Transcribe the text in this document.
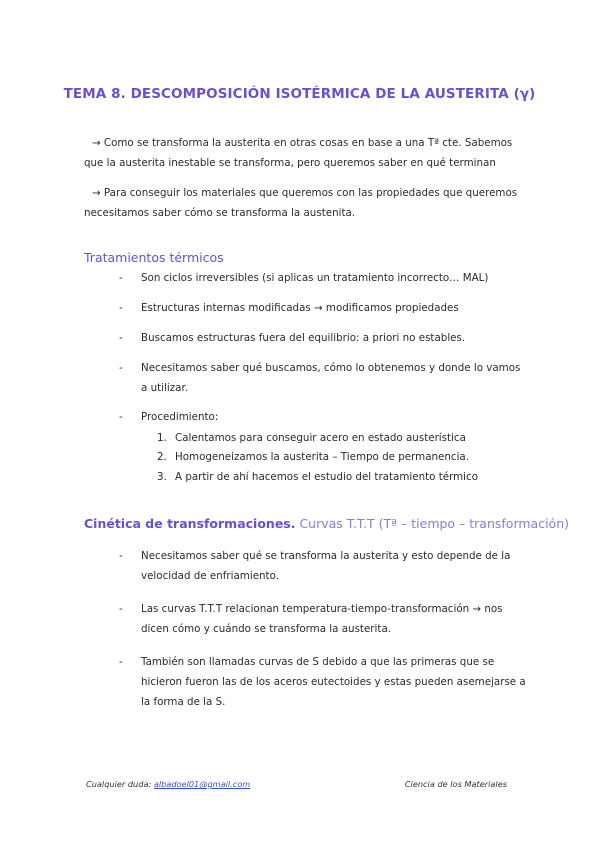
TEMA 8. DESCOMPOSICIÓN ISOTÉRMICA DE LA AUSTERITA (γ)
→ Como se transforma la austerita en otras cosas en base a una Tª cte. Sabemos
que la austerita inestable se transforma, pero queremos saber en qué terminan
→ Para conseguir los materiales que queremos con las propiedades que queremos
necesitamos saber cómo se transforma la austenita.
Tratamientos térmicos
- Son ciclos irreversibles (si aplicas un tratamiento incorrecto… MAL)
- Estructuras internas modificadas → modificamos propiedades
- Buscamos estructuras fuera del equilibrio: a priori no estables.
- Necesitamos saber qué buscamos, cómo lo obtenemos y donde lo vamos
a utilizar.
- Procedimiento:
1. Calentamos para conseguir acero en estado austerística
2. Homogeneizamos la austerita – Tiempo de permanencia.
3. A partir de ahí hacemos el estudio del tratamiento térmico
Cinética de transformaciones. Curvas T.T.T (Tª – tiempo – transformación)
- Necesitamos saber qué se transforma la austerita y esto depende de la
velocidad de enfriamiento.
- Las curvas T.T.T relacionan temperatura-tiempo-transformación → nos
dicen cómo y cuándo se transforma la austerita.
- También son llamadas curvas de S debido a que las primeras que se
hicieron fueron las de los aceros eutectoides y estas pueden asemejarse a
la forma de la S.
Cualquier duda: albadoel01@gmail.com	Ciencia de los Materiales
